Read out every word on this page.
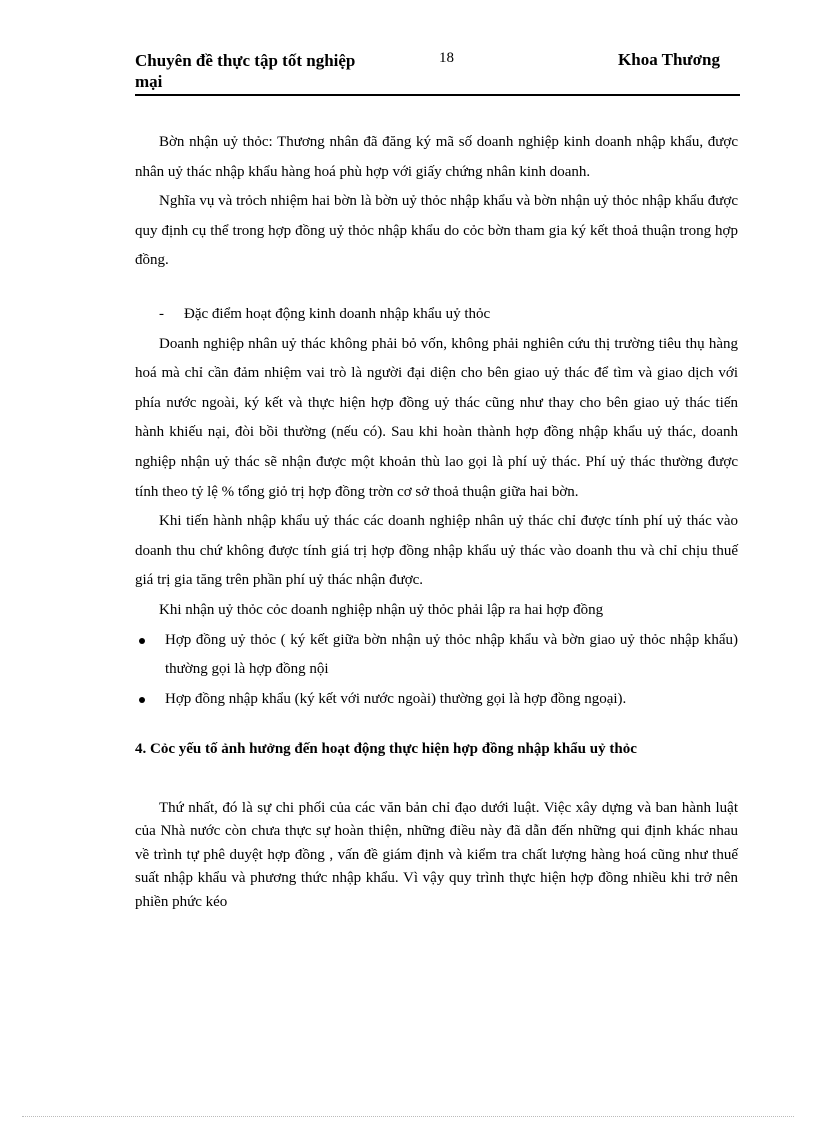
Chuyên đề thực tập tốt nghiệp mại
18	Khoa Thương

Bờn nhận uỷ thỏc: Thương nhân đã đăng ký mã số doanh nghiệp kinh doanh nhập khẩu, được nhân uỷ thác nhập khẩu hàng hoá phù hợp với giấy chứng nhân kinh doanh.

Nghĩa vụ và trỏch nhiệm hai bờn là bờn uỷ thỏc nhập khẩu và bờn nhận uỷ thỏc nhập khẩu được quy định cụ thể trong hợp đồng uỷ thỏc nhập khẩu do cỏc bờn tham gia ký kết thoả thuận trong hợp đồng.

- Đặc điểm hoạt động kinh doanh nhập khẩu uỷ thỏc

Doanh nghiệp nhân uỷ thác không phải bỏ vốn, không phải nghiên cứu thị trường tiêu thụ hàng hoá mà chỉ cần đảm nhiệm vai trò là người đại diện cho bên giao uỷ thác để tìm và giao dịch với phía nước ngoài, ký kết và thực hiện hợp đồng uỷ thác cũng như thay cho bên giao uỷ thác tiến hành khiếu nại, đòi bồi thường (nếu có). Sau khi hoàn thành hợp đồng nhập khẩu uỷ thác, doanh nghiệp nhận uỷ thác sẽ nhận được một khoản thù lao gọi là phí uỷ thác. Phí uỷ thác thường được tính theo tỷ lệ % tổng giỏ trị hợp đồng trờn cơ sở thoả thuận giữa hai bờn.

Khi tiến hành nhập khẩu uỷ thác các doanh nghiệp nhân uỷ thác chỉ được tính phí uỷ thác vào doanh thu chứ không được tính giá trị hợp đồng nhập khẩu uỷ thác vào doanh thu và chỉ chịu thuế giá trị gia tăng trên phần phí uỷ thác nhận được.

Khi nhận uỷ thỏc cỏc doanh nghiệp nhận uỷ thỏc phải lập ra hai hợp đồng

Hợp đồng uỷ thỏc ( ký kết giữa bờn nhận uỷ thỏc nhập khẩu và bờn giao uỷ thỏc nhập khẩu) thường gọi là hợp đồng nội
Hợp đồng nhập khẩu (ký kết với nước ngoài) thường gọi là hợp đồng ngoại).

4. Cỏc yếu tố ảnh hưởng đến hoạt động thực hiện hợp đồng nhập khẩu uỷ thỏc

Thứ nhất, đó là sự chi phối của các văn bản chỉ đạo dưới luật. Việc xây dựng và ban hành luật của Nhà nước còn chưa thực sự hoàn thiện, những điều này đã dẫn đến những qui định khác nhau về trình tự phê duyệt hợp đồng , vấn đề giám định và kiểm tra chất lượng hàng hoá cũng như thuế suất nhập khẩu và phương thức nhập khẩu. Vì vậy quy trình thực hiện hợp đồng nhiều khi trở nên phiền phức kéo
